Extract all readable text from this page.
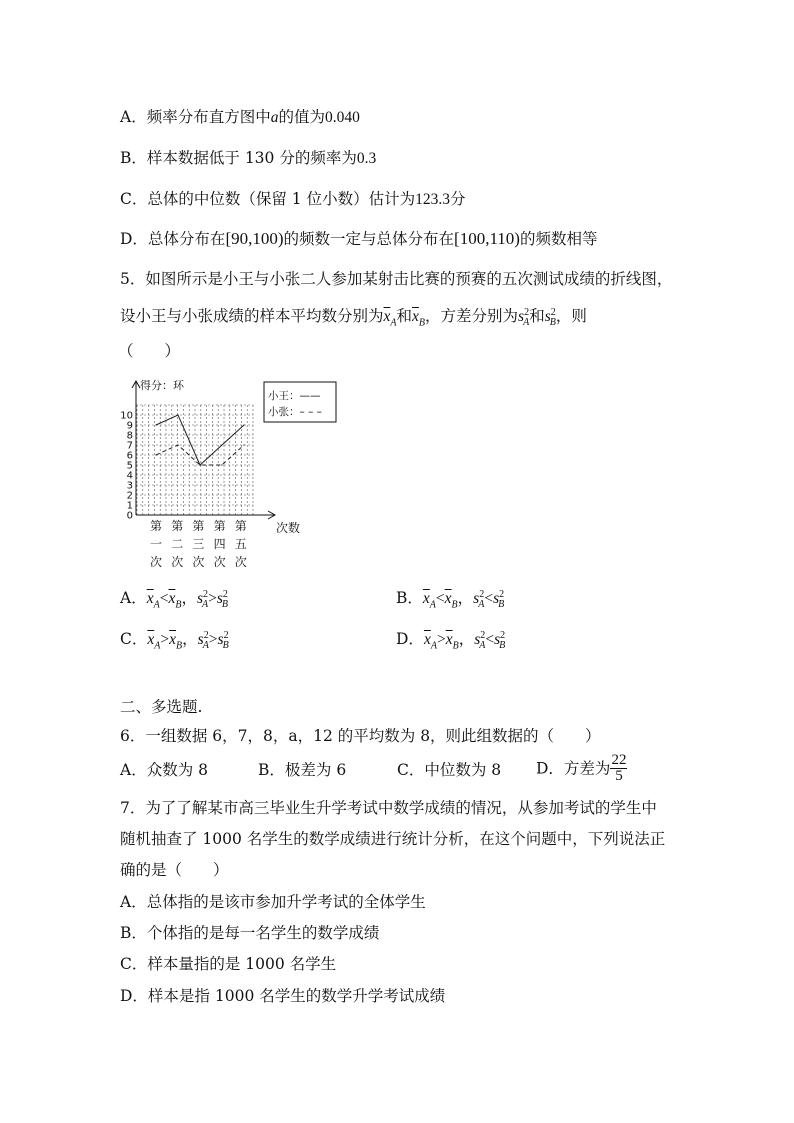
A．频率分布直方图中a的值为0.040
B．样本数据低于 130 分的频率为0.3
C．总体的中位数（保留 1 位小数）估计为123.3分
D．总体分布在[90,100)的频数一定与总体分布在[100,110)的频数相等
5．如图所示是小王与小张二人参加某射击比赛的预赛的五次测试成绩的折线图，
设小王与小张成绩的样本平均数分别为$\overline{x}_A$和$\overline{x}_B$，方差分别为$s^2_A$和$s^2_B$，则
（　　）
得分：环
0
1
2
3
4
5
6
7
8
9
10
次数
第
一
次
第
二
次
第
三
次
第
四
次
第
五
次
小王：——
小张：– – –
A．$\overline{x}_A<\overline{x}_B$，$s^2_A>s^2_B$	B．$\overline{x}_A<\overline{x}_B$，$s^2_A<s^2_B$
C．$\overline{x}_A>\overline{x}_B$，$s^2_A>s^2_B$	D．$\overline{x}_A>\overline{x}_B$，$s^2_A<s^2_B$
二、多选题.
6．一组数据 6，7，8，a，12 的平均数为 8，则此组数据的（　　）
A．众数为 8	B．极差为 6	C．中位数为 8 D．方差为 $\frac{22}{5}$
7．为了了解某市高三毕业生升学考试中数学成绩的情况，从参加考试的学生中
随机抽查了 1000 名学生的数学成绩进行统计分析，在这个问题中，下列说法正
确的是（　　）
A．总体指的是该市参加升学考试的全体学生
B．个体指的是每一名学生的数学成绩
C．样本量指的是 1000 名学生
D．样本是指 1000 名学生的数学升学考试成绩
